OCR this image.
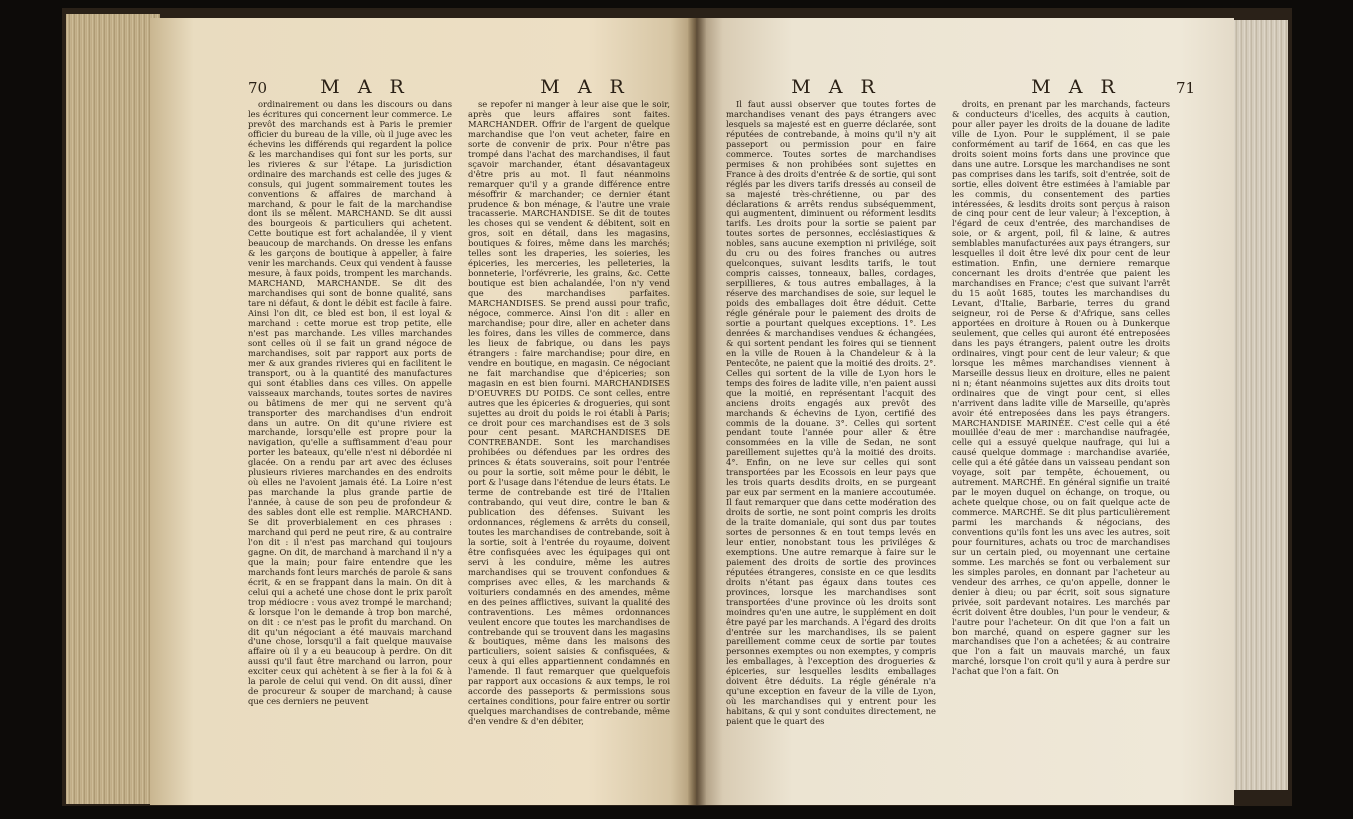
70	M A R	M A R

ordinairement ou dans les discours ou dans les écritures qui concernent leur commerce. Le prevôt des marchands est à Paris le premier officier du bureau de la ville, où il juge avec les échevins les différends qui regardent la police & les marchandises qui font sur les ports, sur les rivieres & sur l'étape. La jurisdiction ordinaire des marchands est celle des juges & consuls, qui jugent sommairement toutes les conventions & affaires de marchand à marchand, & pour le fait de la marchandise dont ils se mêlent. MARCHAND. Se dit aussi des bourgeois & particuliers qui achetent. Cette boutique est fort achalandée, il y vient beaucoup de marchands. On dresse les enfans & les garçons de boutique à appeller, à faire venir les marchands. Ceux qui vendent à fausse mesure, à faux poids, trompent les marchands. MARCHAND, MARCHANDE. Se dit des marchandises qui sont de bonne qualité, sans tare ni défaut, & dont le débit est facile à faire. Ainsi l'on dit, ce bled est bon, il est loyal & marchand : cette morue est trop petite, elle n'est pas marchande. Les villes marchandes sont celles où il se fait un grand négoce de marchandises, soit par rapport aux ports de mer & aux grandes rivieres qui en facilitent le transport, ou à la quantité des manufactures qui sont établies dans ces villes. On appelle vaisseaux marchands, toutes sortes de navires ou bâtimens de mer qui ne servent qu'à transporter des marchandises d'un endroit dans un autre. On dit qu'une riviere est marchande, lorsqu'elle est propre pour la navigation, qu'elle a suffisamment d'eau pour porter les bateaux, qu'elle n'est ni débordée ni glacée. On a rendu par art avec des écluses plusieurs rivieres marchandes en des endroits où elles ne l'avoient jamais été. La Loire n'est pas marchande la plus grande partie de l'année, à cause de son peu de profondeur & des sables dont elle est remplie. MARCHAND. Se dit proverbialement en ces phrases : marchand qui perd ne peut rire, & au contraire l'on dit : il n'est pas marchand qui toujours gagne. On dit, de marchand à marchand il n'y a que la main; pour faire entendre que les marchands font leurs marchés de parole & sans écrit, & en se frappant dans la main. On dit à celui qui a acheté une chose dont le prix paroît trop médiocre : vous avez trompé le marchand; & lorsque l'on le demande à trop bon marché, on dit : ce n'est pas le profit du marchand. On dit qu'un négociant a été mauvais marchand d'une chose, lorsqu'il a fait quelque mauvaise affaire où il y a eu beaucoup à perdre. On dit aussi qu'il faut être marchand ou larron, pour exciter ceux qui achètent à se fier à la foi & à la parole de celui qui vend. On dit aussi, dîner de procureur & souper de marchand; à cause que ces derniers ne peuvent

se repofer ni manger à leur aise que le soir, après que leurs affaires sont faites. MARCHANDER. Offrir de l'argent de quelque marchandise que l'on veut acheter, faire en sorte de convenir de prix. Pour n'être pas trompé dans l'achat des marchandises, il faut sçavoir marchander, étant désavantageux d'être pris au mot. Il faut néanmoins remarquer qu'il y a grande différence entre mésoffrir & marchander; ce dernier étant prudence & bon ménage, & l'autre une vraie tracasserie. MARCHANDISE. Se dit de toutes les choses qui se vendent & débitent, soit en gros, soit en détail, dans les magasins, boutiques & foires, même dans les marchés; telles sont les draperies, les soieries, les épiceries, les merceries, les pelleteries, la bonneterie, l'orfévrerie, les grains, &c. Cette boutique est bien achalandée, l'on n'y vend que des marchandises parfaites. MARCHANDISES. Se prend aussi pour trafic, négoce, commerce. Ainsi l'on dit : aller en marchandise; pour dire, aller en acheter dans les foires, dans les villes de commerce, dans les lieux de fabrique, ou dans les pays étrangers : faire marchandise; pour dire, en vendre en boutique, en magasin. Ce négociant ne fait marchandise que d'épiceries; son magasin en est bien fourni. MARCHANDISES D'OEUVRES DU POIDS. Ce sont celles, entre autres que les épiceries & drogueries, qui sont sujettes au droit du poids le roi établi à Paris; ce droit pour ces marchandises est de 3 sols pour cent pesant. MARCHANDISES DE CONTREBANDE. Sont les marchandises prohibées ou défendues par les ordres des princes & états souverains, soit pour l'entrée ou pour la sortie, soit même pour le débit, le port & l'usage dans l'étendue de leurs états. Le terme de contrebande est tiré de l'Italien contrabando, qui veut dire, contre le ban & publication des défenses. Suivant les ordonnances, réglemens & arrêts du conseil, toutes les marchandises de contrebande, soit à la sortie, soit à l'entrée du royaume, doivent être confisquées avec les équipages qui ont servi à les conduire, même les autres marchandises qui se trouvent confondues & comprises avec elles, & les marchands & voituriers condamnés en des amendes, même en des peines afflictives, suivant la qualité des contraventions. Les mêmes ordonnances veulent encore que toutes les marchandises de contrebande qui se trouvent dans les magasins & boutiques, même dans les maisons des particuliers, soient saisies & confisquées, & ceux à qui elles appartiennent condamnés en l'amende. Il faut remarquer que quelquefois par rapport aux occasions & aux temps, le roi accorde des passeports & permissions sous certaines conditions, pour faire entrer ou sortir quelques marchandises de contrebande, même d'en vendre & d'en débiter,

M A R	M A R	71

Il faut aussi observer que toutes fortes de marchandises venant des pays étrangers avec lesquels sa majesté est en guerre déclarée, sont réputées de contrebande, à moins qu'il n'y ait passeport ou permission pour en faire commerce. Toutes sortes de marchandises permises & non prohibées sont sujettes en France à des droits d'entrée & de sortie, qui sont réglés par les divers tarifs dressés au conseil de sa majesté très-chrétienne, ou par des déclarations & arrêts rendus subséquemment, qui augmentent, diminuent ou réforment lesdits tarifs. Les droits pour la sortie se paient par toutes sortes de personnes, ecclésiastiques & nobles, sans aucune exemption ni privilége, soit du cru ou des foires franches ou autres quelconques, suivant lesdits tarifs, le tout compris caisses, tonneaux, balles, cordages, serpillieres, & tous autres emballages, à la réserve des marchandises de soie, sur lequel le poids des emballages doit être déduit. Cette régle générale pour le paiement des droits de sortie a pourtant quelques exceptions. 1°. Les denrées & marchandises vendues & échangées, & qui sortent pendant les foires qui se tiennent en la ville de Rouen à la Chandeleur & à la Pentecôte, ne paient que la moitié des droits. 2°. Celles qui sortent de la ville de Lyon hors le temps des foires de ladite ville, n'en paient aussi que la moitié, en représentant l'acquit des anciens droits engagés aux prevôt des marchands & échevins de Lyon, certifié des commis de la douane. 3°. Celles qui sortent pendant toute l'année pour aller & être consommées en la ville de Sedan, ne sont pareillement sujettes qu'à la moitié des droits. 4°. Enfin, on ne leve sur celles qui sont transportées par les Ecossois en leur pays que les trois quarts desdits droits, en se purgeant par eux par serment en la maniere accoutumée. Il faut remarquer que dans cette modération des droits de sortie, ne sont point compris les droits de la traite domaniale, qui sont dus par toutes sortes de personnes & en tout temps levés en leur entier, nonobstant tous les priviléges & exemptions. Une autre remarque à faire sur le paiement des droits de sortie des provinces réputées étrangeres, consiste en ce que lesdits droits n'étant pas égaux dans toutes ces provinces, lorsque les marchandises sont transportées d'une province où les droits sont moindres qu'en une autre, le supplément en doit être payé par les marchands. A l'égard des droits d'entrée sur les marchandises, ils se paient pareillement comme ceux de sortie par toutes personnes exemptes ou non exemptes, y compris les emballages, à l'exception des drogueries & épiceries, sur lesquelles lesdits emballages doivent être déduits. La régle générale n'a qu'une exception en faveur de la ville de Lyon, où les marchandises qui y entrent pour les habitans, & qui y sont conduites directement, ne paient que le quart des

droits, en prenant par les marchands, facteurs & conducteurs d'icelles, des acquits à caution, pour aller payer les droits de la douane de ladite ville de Lyon. Pour le supplément, il se paie conformément au tarif de 1664, en cas que les droits soient moins forts dans une province que dans une autre. Lorsque les marchandises ne sont pas comprises dans les tarifs, soit d'entrée, soit de sortie, elles doivent être estimées à l'amiable par les commis, du consentement des parties intéressées, & lesdits droits sont perçus à raison de cinq pour cent de leur valeur; à l'exception, à l'égard de ceux d'entrée, des marchandises de soie, or & argent, poil, fil & laine, & autres semblables manufacturées aux pays étrangers, sur lesquelles il doit être levé dix pour cent de leur estimation. Enfin, une derniere remarque concernant les droits d'entrée que paient les marchandises en France; c'est que suivant l'arrêt du 15 août 1685, toutes les marchandises du Levant, d'Italie, Barbarie, terres du grand seigneur, roi de Perse & d'Afrique, sans celles apportées en droiture à Rouen ou à Dunkerque seulement, que celles qui auront été entreposées dans les pays étrangers, paient outre les droits ordinaires, vingt pour cent de leur valeur; & que lorsque les mêmes marchandises viennent à Marseille dessus lieux en droiture, elles ne paient ni n; étant néanmoins sujettes aux dits droits tout ordinaires que de vingt pour cent, si elles n'arrivent dans ladite ville de Marseille, qu'après avoir été entreposées dans les pays étrangers. MARCHANDISE MARINÉE. C'est celle qui a été mouillée d'eau de mer : marchandise naufragée, celle qui a essuyé quelque naufrage, qui lui a causé quelque dommage : marchandise avariée, celle qui a été gâtée dans un vaisseau pendant son voyage, soit par tempête, échouement, ou autrement. MARCHÉ. En général signifie un traité par le moyen duquel on échange, on troque, ou achete quelque chose, ou on fait quelque acte de commerce. MARCHÉ. Se dit plus particulièrement parmi les marchands & négocians, des conventions qu'ils font les uns avec les autres, soit pour fournitures, achats ou troc de marchandises sur un certain pied, ou moyennant une certaine somme. Les marchés se font ou verbalement sur les simples paroles, en donnant par l'acheteur au vendeur des arrhes, ce qu'on appelle, donner le denier à dieu; ou par écrit, soit sous signature privée, soit pardevant notaires. Les marchés par écrit doivent être doubles, l'un pour le vendeur, & l'autre pour l'acheteur. On dit que l'on a fait un bon marché, quand on espere gagner sur les marchandises que l'on a achetées; & au contraire que l'on a fait un mauvais marché, un faux marché, lorsque l'on croit qu'il y aura à perdre sur l'achat que l'on a fait. On
